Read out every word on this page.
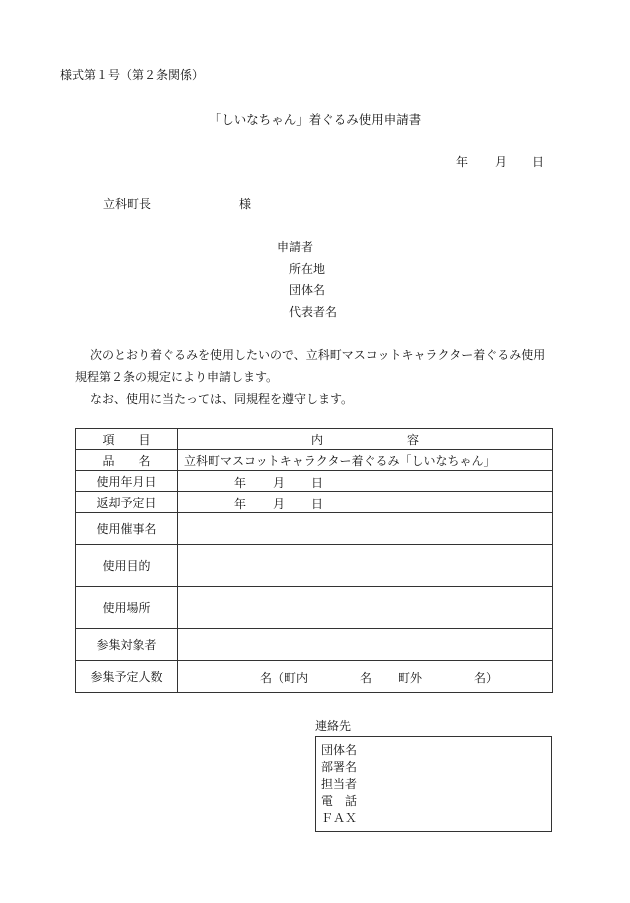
様式第１号（第２条関係）
「しいなちゃん」着ぐるみ使用申請書
年 月 日
立科町長	様
申請者
所在地
団体名
代表者名
次のとおり着ぐるみを使用したいので、立科町マスコットキャラクター着ぐるみ使用
規程第２条の規定により申請します。
なお、使用に当たっては、同規程を遵守します。
項　　目	内　　　　　　　容
品　　名	立科町マスコットキャラクター着ぐるみ「しいなちゃん」
使用年月日	年 月 日

返却予定日	年 月 日

使用催事名	
使用目的	
使用場所	
参集対象者	
参集予定人数	名（町内 名 町外 名）
連絡先
団体名
部署名
担当者
電　話
ＦＡＸ
